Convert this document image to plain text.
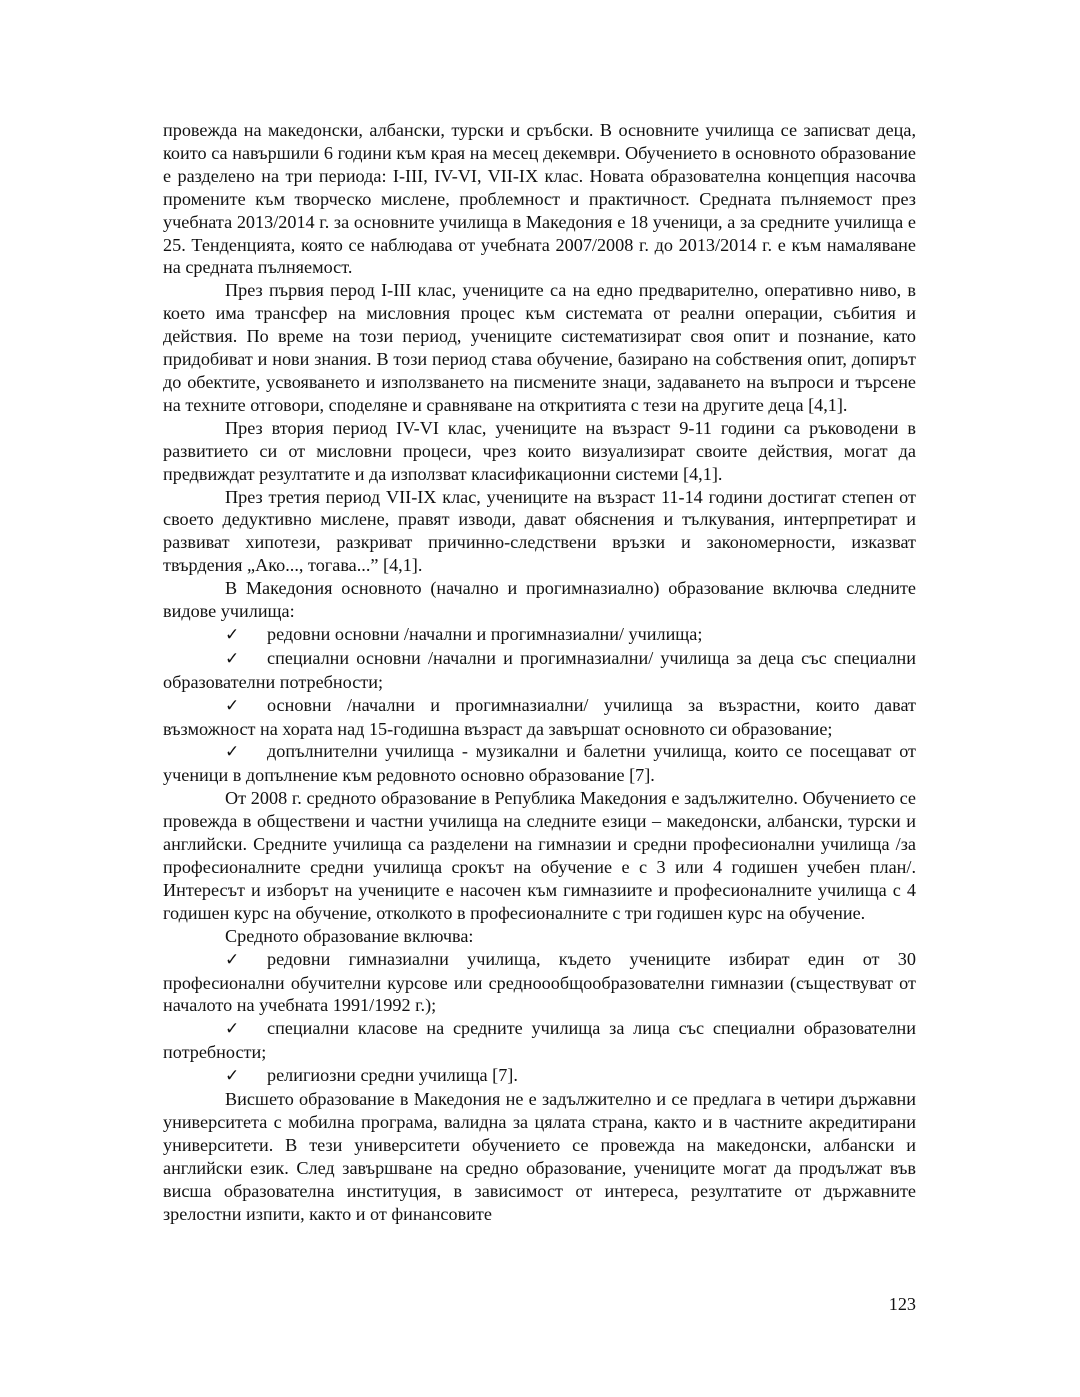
провежда на македонски, албански, турски и сръбски. В основните училища се записват деца, които са навършили 6 години към края на месец декември. Обучението в основното образование е разделено на три периода: I-III, IV-VI, VII-IX клас. Новата образователна концепция насочва промените към творческо мислене, проблемност и практичност. Средната пълняемост през учебната 2013/2014 г. за основните училища в Македония е 18 ученици, а за средните училища е 25. Тенденцията, която се наблюдава от учебната 2007/2008 г. до 2013/2014 г. е към намаляване на средната пълняемост.

През първия перод I-III клас, учениците са на едно предварително, оперативно ниво, в което има трансфер на мисловния процес към системата от реални операции, събития и действия. По време на този период, учениците систематизират своя опит и познание, като придобиват и нови знания. В този период става обучение, базирано на собствения опит, допирът до обектите, усвояването и използването на писмените знаци, задаването на въпроси и търсене на техните отговори, споделяне и сравняване на откритията с тези на другите деца [4,1].

През втория период IV-VI клас, учениците на възраст 9-11 години са ръководени в развитието си от мисловни процеси, чрез които визуализират своите действия, могат да предвиждат резултатите и да използват класификационни системи [4,1].

През третия период VII-IX клас, учениците на възраст 11-14 години достигат степен от своето дедуктивно мислене, правят изводи, дават обяснения и тълкувания, интерпретират и развиват хипотези, разкриват причинно-следствени връзки и закономерности, изказват твърдения „Ако..., тогава...” [4,1].

В Македония основното (начално и прогимназиално) образование включва следните видове училища:

✓ редовни основни /начални и прогимназиални/ училища;

✓ специални основни /начални и прогимназиални/ училища за деца със специални образователни потребности;

✓ основни /начални и прогимназиални/ училища за възрастни, които дават възможност на хората над 15-годишна възраст да завършат основното си образование;

✓ допълнителни училища - музикални и балетни училища, които се посещават от ученици в допълнение към редовното основно образование [7].

От 2008 г. средното образование в Република Македония е задължително. Обучението се провежда в обществени и частни училища на следните езици – македонски, албански, турски и английски. Средните училища са разделени на гимназии и средни професионални училища /за професионалните средни училища срокът на обучение е с 3 или 4 годишен учебен план/. Интересът и изборът на учениците е насочен към гимназиите и професионалните училища с 4 годишен курс на обучение, отколкото в професионалните с три годишен курс на обучение.

Средното образование включва:

✓ редовни гимназиални училища, където учениците избират един от 30 професионални обучителни курсове или средноообщообразователни гимназии (съществуват от началото на учебната 1991/1992 г.);

✓ специални класове на средните училища за лица със специални образователни потребности;

✓ религиозни средни училища [7].

Висшето образование в Македония не е задължително и се предлага в четири държавни университета с мобилна програма, валидна за цялата страна, както и в частните акредитирани университети. В тези университети обучението се провежда на македонски, албански и английски език. След завършване на средно образование, учениците могат да продължат във висша образователна институция, в зависимост от интереса, резултатите от държавните зрелостни изпити, както и от финансовите

123
